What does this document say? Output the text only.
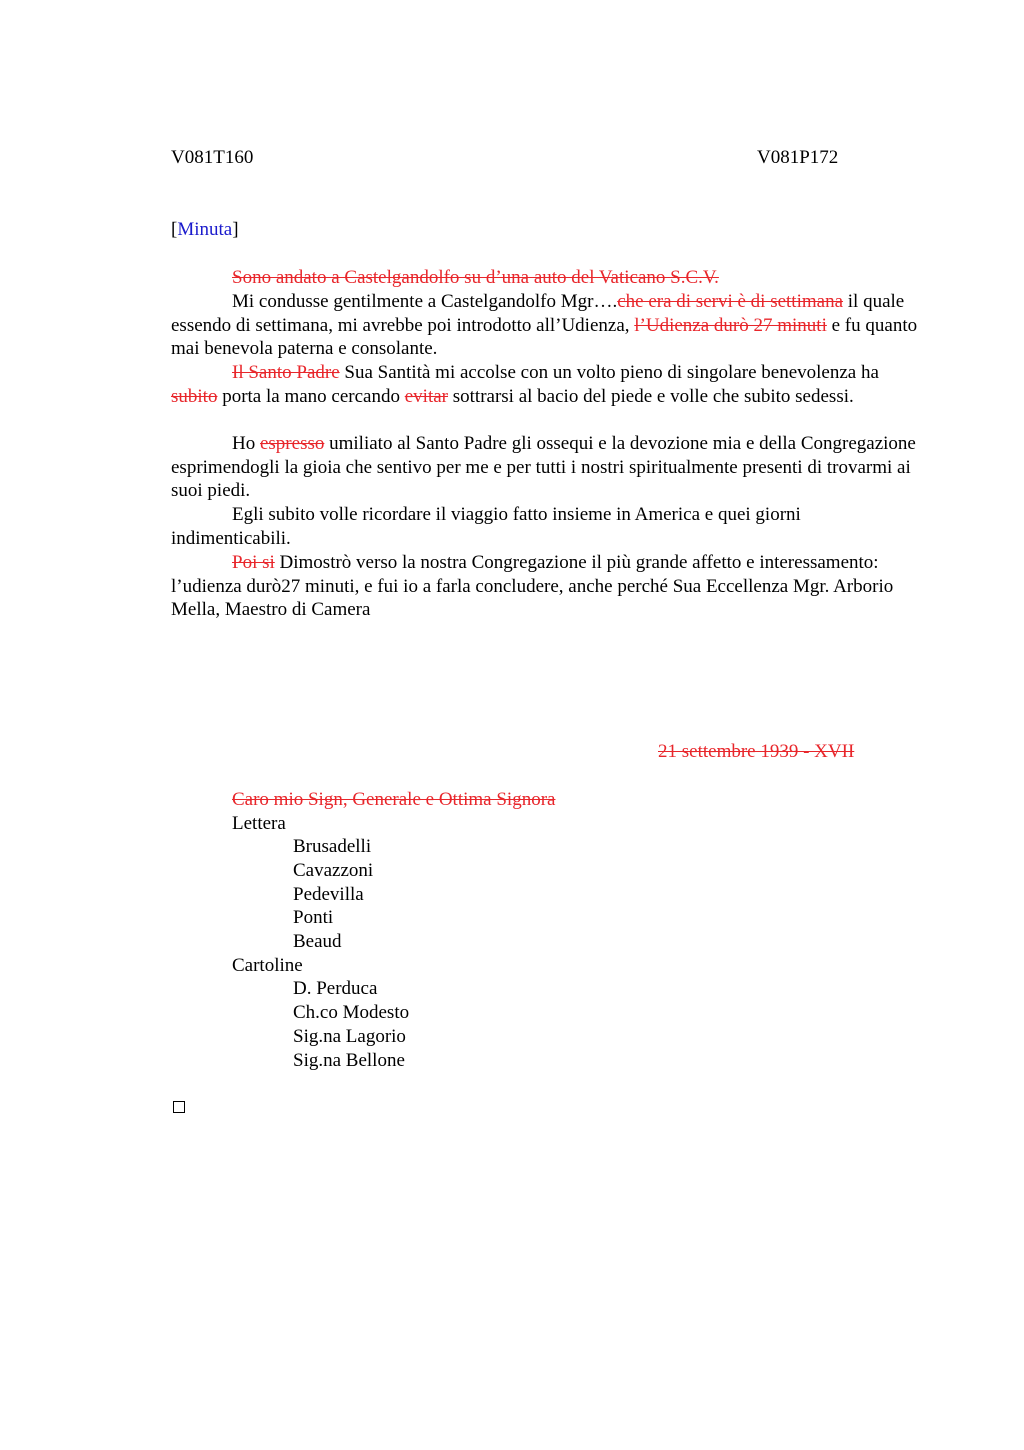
V081T160	V081P172
[Minuta]

Sono andato a Castelgandolfo su d’una auto del Vaticano S.C.V.

Mi condusse gentilmente a Castelgandolfo Mgr….che era di servi è di settimana il quale essendo di settimana, mi avrebbe poi introdotto all’Udienza, l’Udienza durò 27 minuti e fu quanto mai benevola paterna e consolante.

Il Santo Padre Sua Santità mi accolse con un volto pieno di singolare benevolenza ha subito porta la mano cercando evitar sottrarsi al bacio del piede e volle che subito sedessi.

Ho espresso umiliato al Santo Padre gli ossequi e la devozione mia e della Congregazione esprimendogli la gioia che sentivo per me e per tutti i nostri spiritualmente presenti di trovarmi ai suoi piedi.

Egli subito volle ricordare il viaggio fatto insieme in America e quei giorni indimenticabili.

Poi si Dimostrò verso la nostra Congregazione il più grande affetto e interessamento: l’udienza durò27 minuti, e fui io a farla concludere, anche perché Sua Eccellenza Mgr. Arborio Mella, Maestro di Camera

21 settembre 1939 - XVII
Caro mio Sign, Generale e Ottima Signora
Lettera
Brusadelli
Cavazzoni
Pedevilla
Ponti
Beaud
Cartoline
D. Perduca
Ch.co Modesto
Sig.na Lagorio
Sig.na Bellone
